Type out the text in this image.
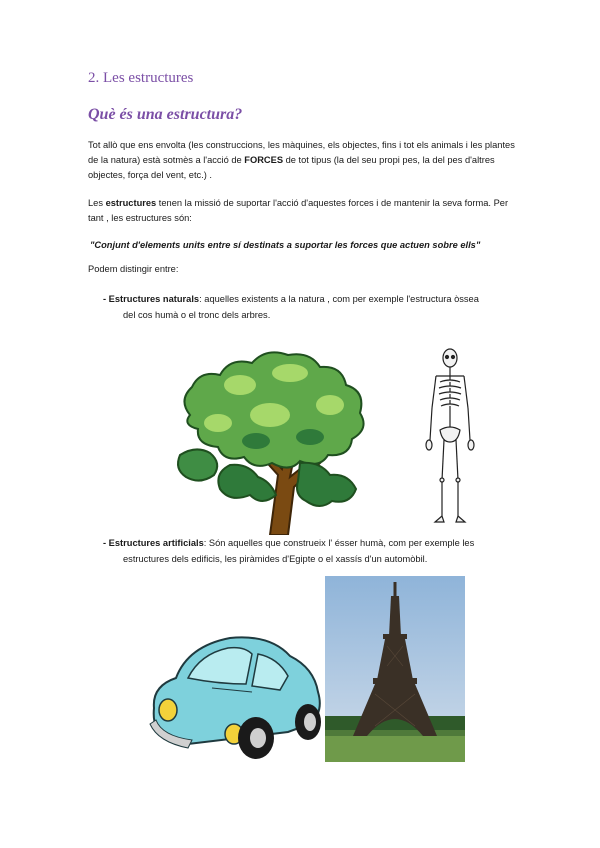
2. Les estructures
Què és una estructura?

Tot allò que ens envolta (les construccions, les màquines, els objectes, fins i tot els animals i les plantes de la natura) està sotmès a l'acció de FORCES de tot tipus (la del seu propi pes, la del pes d'altres objectes, força del vent, etc.) .

Les estructures tenen la missió de suportar l'acció d'aquestes forces i de mantenir la seva forma. Per tant , les estructures són:

"Conjunt d'elements units entre sí destinats a suportar les forces que actuen sobre ells"
Podem distingir entre:

- Estructures naturals: aquelles existents a la natura , com per exemple l'estructura òssea
del cos humà o el tronc dels arbres.

- Estructures artificials: Són aquelles que construeix l' ésser humà, com per exemple les
estructures dels edificis, les piràmides d'Egipte o el xassís d'un automòbil.
